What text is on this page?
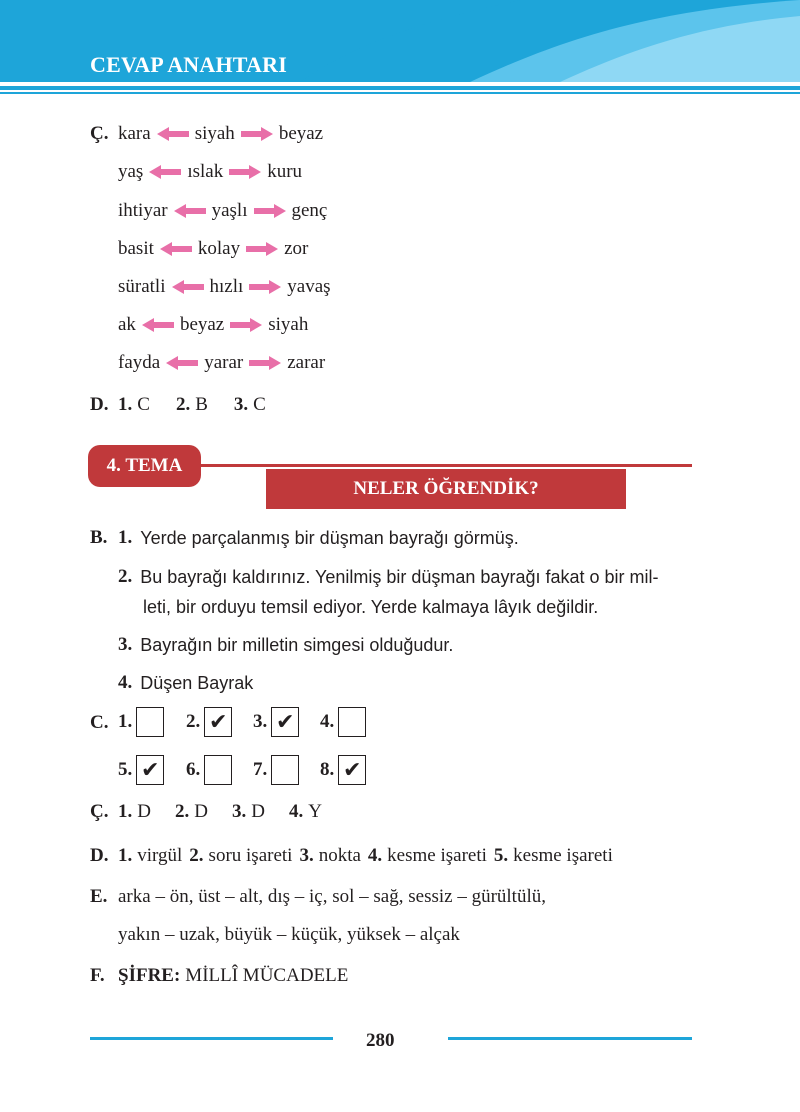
CEVAP ANAHTARI
Ç. kara siyah beyaz
yaş ıslak kuru
ihtiyar yaşlı genç
basit kolay zor
süratli hızlı yavaş
ak beyaz siyah
fayda yarar zarar
D. 1. C 2. B 3. C
4. TEMA
NELER ÖĞRENDİK?
B. 1. Yerde parçalanmış bir düşman bayrağı görmüş.
2. Bu bayrağı kaldırınız. Yenilmiş bir düşman bayrağı fakat o bir mil-
leti, bir orduyu temsil ediyor. Yerde kalmaya lâyık değildir.
3. Bayrağın bir milletin simgesi olduğudur.
4. Düşen Bayrak
C. 1.	2. ✔ 3. ✔ 4.
5. ✔ 6.	7.	8. ✔
Ç. 1. D 2. D 3. D 4. Y
D. 1. virgül 2. soru işareti 3. nokta 4. kesme işareti 5. kesme işareti
E. arka – ön, üst – alt, dış – iç, sol – sağ, sessiz – gürültülü,
yakın – uzak, büyük – küçük, yüksek – alçak
F. ŞİFRE: MİLLÎ MÜCADELE
280
